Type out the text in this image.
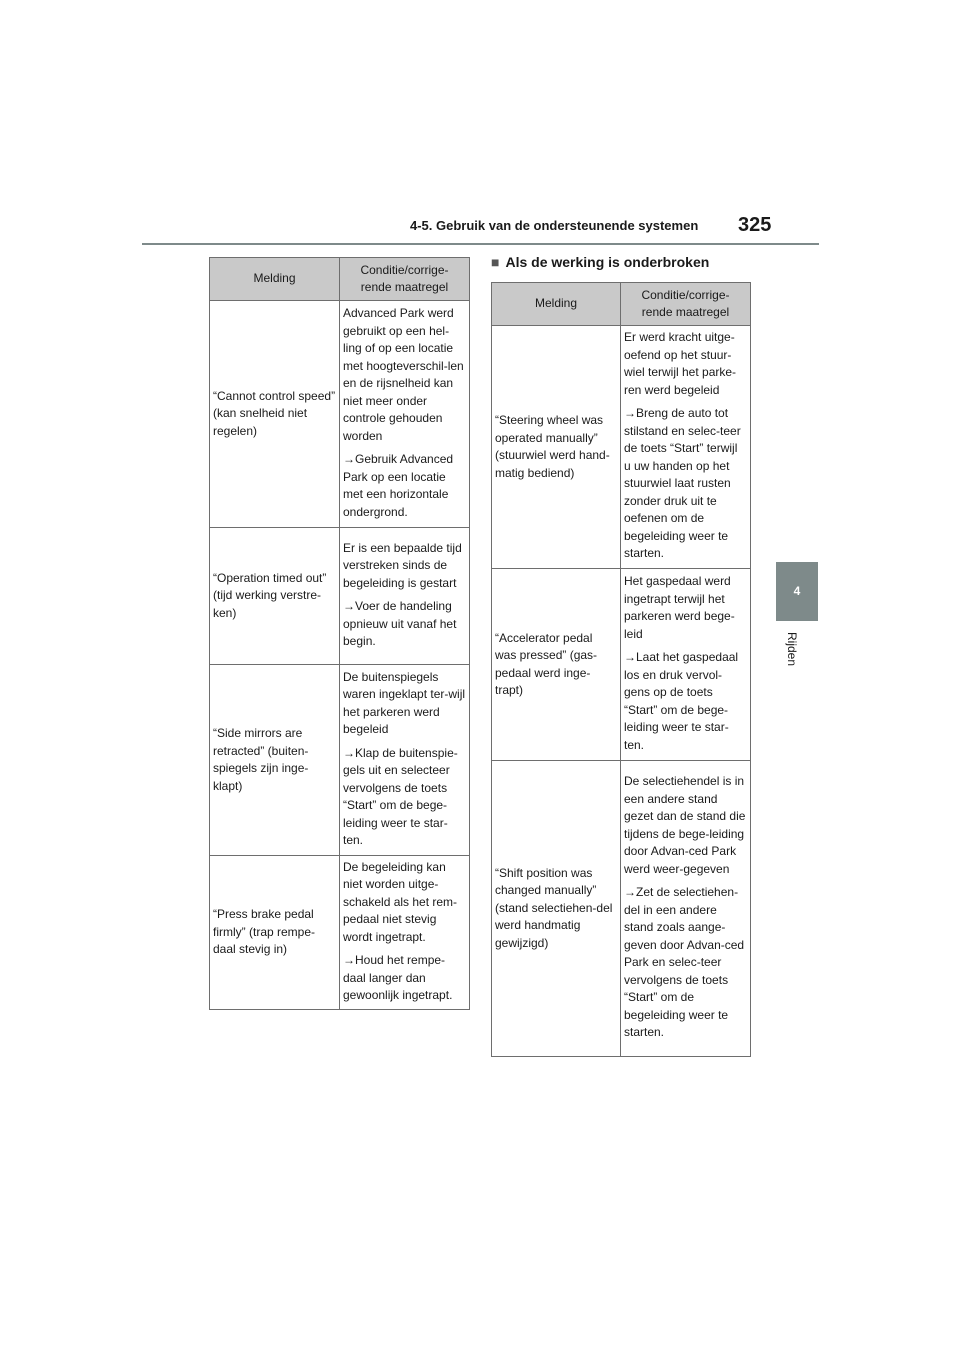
4-5. Gebruik van de ondersteunende systemen 325
4
Rijden
Melding	Conditie/corrige-
rende maatregel
“Cannot control speed” (kan snelheid niet regelen)	Advanced Park werd gebruikt op een hel-ling of op een locatie met hoogteverschil-len en de rijsnelheid kan niet meer onder controle gehouden worden
→Gebruik Advanced Park op een locatie met een horizontale ondergrond.

“Operation timed out” (tijd werking verstre-ken)	Er is een bepaalde tijd verstreken sinds de begeleiding is gestart
→Voer de handeling opnieuw uit vanaf het begin.

“Side mirrors are retracted” (buiten-spiegels zijn inge-klapt)	De buitenspiegels waren ingeklapt ter-wijl het parkeren werd begeleid
→Klap de buitenspie-gels uit en selecteer vervolgens de toets “Start” om de bege-leiding weer te star-ten.

“Press brake pedal firmly” (trap rempe-daal stevig in)	De begeleiding kan niet worden uitge-schakeld als het rem-pedaal niet stevig wordt ingetrapt.
→Houd het rempe-daal langer dan gewoonlijk ingetrapt.
■ Als de werking is onderbroken
Melding	Conditie/corrige-
rende maatregel
“Steering wheel was operated manually” (stuurwiel werd hand-matig bediend)	Er werd kracht uitge-oefend op het stuur-wiel terwijl het parke-ren werd begeleid
→Breng de auto tot stilstand en selec-teer de toets “Start” terwijl u uw handen op het stuurwiel laat rusten zonder druk uit te oefenen om de begeleiding weer te starten.

“Accelerator pedal was pressed” (gas-pedaal werd inge-trapt)	Het gaspedaal werd ingetrapt terwijl het parkeren werd bege-leid
→Laat het gaspedaal los en druk vervol-gens op de toets “Start” om de bege-leiding weer te star-ten.

“Shift position was changed manually” (stand selectiehen-del werd handmatig gewijzigd)	De selectiehendel is in een andere stand gezet dan de stand die tijdens de bege-leiding door Advan-ced Park werd weer-gegeven
→Zet de selectiehen-del in een andere stand zoals aange-geven door Advan-ced Park en selec-teer vervolgens de toets “Start” om de begeleiding weer te starten.
